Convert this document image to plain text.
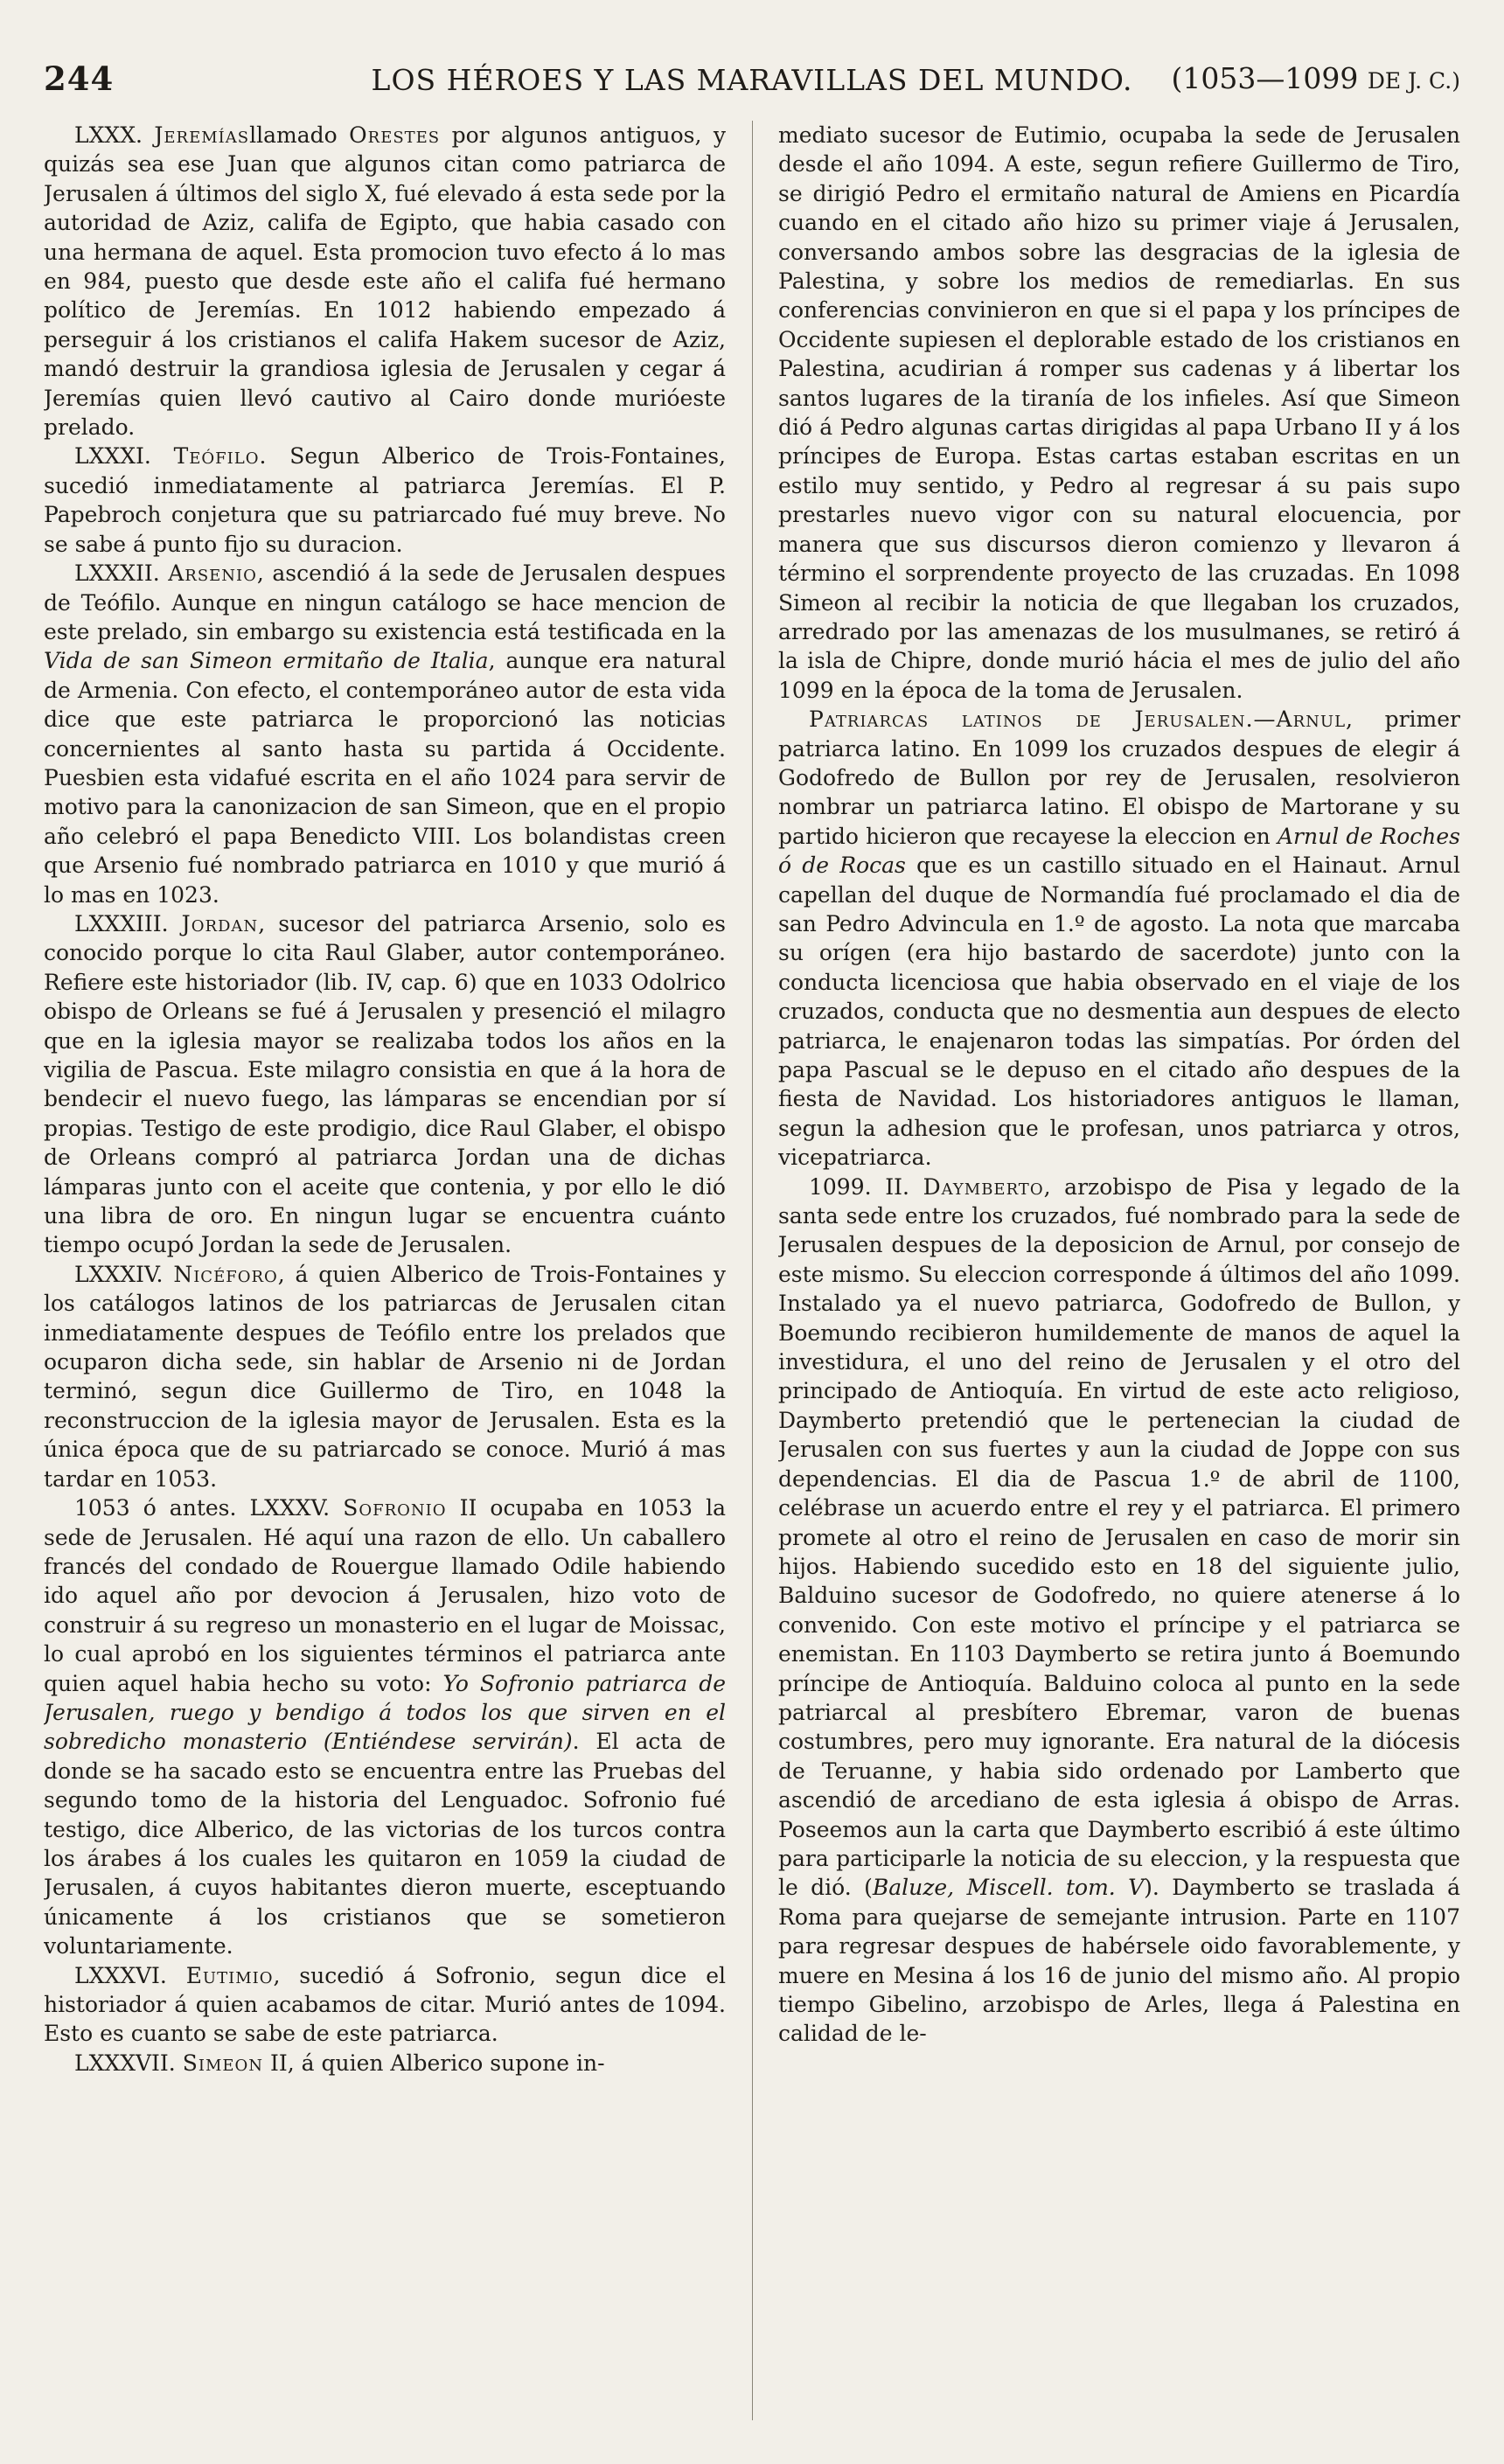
244	LOS HÉROES Y LAS MARAVILLAS DEL MUNDO.	(1053—1099 DE J. C.)

LXXX. Jeremíasllamado Orestes por algunos antiguos, y quizás sea ese Juan que algunos citan como patriarca de Jerusalen á últimos del siglo X, fué elevado á esta sede por la autoridad de Aziz, califa de Egipto, que habia casado con una hermana de aquel. Esta promocion tuvo efecto á lo mas en 984, puesto que desde este año el califa fué hermano político de Jeremías. En 1012 habiendo empezado á perseguir á los cristianos el califa Hakem sucesor de Aziz, mandó destruir la grandiosa iglesia de Jerusalen y cegar á Jeremías quien llevó cautivo al Cairo donde murióeste prelado.

LXXXI. Teófilo. Segun Alberico de Trois-Fontaines, sucedió inmediatamente al patriarca Jeremías. El P. Papebroch conjetura que su patriarcado fué muy breve. No se sabe á punto fijo su duracion.

LXXXII. Arsenio, ascendió á la sede de Jerusalen despues de Teófilo. Aunque en ningun catálogo se hace mencion de este prelado, sin embargo su existencia está testificada en la Vida de san Simeon ermitaño de Italia, aunque era natural de Armenia. Con efecto, el contemporáneo autor de esta vida dice que este patriarca le proporcionó las noticias concernientes al santo hasta su partida á Occidente. Puesbien esta vidafué escrita en el año 1024 para servir de motivo para la canonizacion de san Simeon, que en el propio año celebró el papa Benedicto VIII. Los bolandistas creen que Arsenio fué nombrado patriarca en 1010 y que murió á lo mas en 1023.

LXXXIII. Jordan, sucesor del patriarca Arsenio, solo es conocido porque lo cita Raul Glaber, autor contemporáneo. Refiere este historiador (lib. IV, cap. 6) que en 1033 Odolrico obispo de Orleans se fué á Jerusalen y presenció el milagro que en la iglesia mayor se realizaba todos los años en la vigilia de Pascua. Este milagro consistia en que á la hora de bendecir el nuevo fuego, las lámparas se encendian por sí propias. Testigo de este prodigio, dice Raul Glaber, el obispo de Orleans compró al patriarca Jordan una de dichas lámparas junto con el aceite que contenia, y por ello le dió una libra de oro. En ningun lugar se encuentra cuánto tiempo ocupó Jordan la sede de Jerusalen.

LXXXIV. Nicéforo, á quien Alberico de Trois-Fontaines y los catálogos latinos de los patriarcas de Jerusalen citan inmediatamente despues de Teófilo entre los prelados que ocuparon dicha sede, sin hablar de Arsenio ni de Jordan terminó, segun dice Guillermo de Tiro, en 1048 la reconstruccion de la iglesia mayor de Jerusalen. Esta es la única época que de su patriarcado se conoce. Murió á mas tardar en 1053.

1053 ó antes. LXXXV. Sofronio II ocupaba en 1053 la sede de Jerusalen. Hé aquí una razon de ello. Un caballero francés del condado de Rouergue llamado Odile habiendo ido aquel año por devocion á Jerusalen, hizo voto de construir á su regreso un monasterio en el lugar de Moissac, lo cual aprobó en los siguientes términos el patriarca ante quien aquel habia hecho su voto: Yo Sofronio patriarca de Jerusalen, ruego y bendigo á todos los que sirven en el sobredicho monasterio (Entiéndese servirán). El acta de donde se ha sacado esto se encuentra entre las Pruebas del segundo tomo de la historia del Lenguadoc. Sofronio fué testigo, dice Alberico, de las victorias de los turcos contra los árabes á los cuales les quitaron en 1059 la ciudad de Jerusalen, á cuyos habitantes dieron muerte, esceptuando únicamente á los cristianos que se sometieron voluntariamente.

LXXXVI. Eutimio, sucedió á Sofronio, segun dice el historiador á quien acabamos de citar. Murió antes de 1094. Esto es cuanto se sabe de este patriarca.

LXXXVII. Simeon II, á quien Alberico supone in-

mediato sucesor de Eutimio, ocupaba la sede de Jerusalen desde el año 1094. A este, segun refiere Guillermo de Tiro, se dirigió Pedro el ermitaño natural de Amiens en Picardía cuando en el citado año hizo su primer viaje á Jerusalen, conversando ambos sobre las desgracias de la iglesia de Palestina, y sobre los medios de remediarlas. En sus conferencias convinieron en que si el papa y los príncipes de Occidente supiesen el deplorable estado de los cristianos en Palestina, acudirian á romper sus cadenas y á libertar los santos lugares de la tiranía de los infieles. Así que Simeon dió á Pedro algunas cartas dirigidas al papa Urbano II y á los príncipes de Europa. Estas cartas estaban escritas en un estilo muy sentido, y Pedro al regresar á su pais supo prestarles nuevo vigor con su natural elocuencia, por manera que sus discursos dieron comienzo y llevaron á término el sorprendente proyecto de las cruzadas. En 1098 Simeon al recibir la noticia de que llegaban los cruzados, arredrado por las amenazas de los musulmanes, se retiró á la isla de Chipre, donde murió hácia el mes de julio del año 1099 en la época de la toma de Jerusalen.

Patriarcas latinos de Jerusalen.—Arnul, primer patriarca latino. En 1099 los cruzados despues de elegir á Godofredo de Bullon por rey de Jerusalen, resolvieron nombrar un patriarca latino. El obispo de Martorane y su partido hicieron que recayese la eleccion en Arnul de Roches ó de Rocas que es un castillo situado en el Hainaut. Arnul capellan del duque de Normandía fué proclamado el dia de san Pedro Advincula en 1.º de agosto. La nota que marcaba su orígen (era hijo bastardo de sacerdote) junto con la conducta licenciosa que habia observado en el viaje de los cruzados, conducta que no desmentia aun despues de electo patriarca, le enajenaron todas las simpatías. Por órden del papa Pascual se le depuso en el citado año despues de la fiesta de Navidad. Los historiadores antiguos le llaman, segun la adhesion que le profesan, unos patriarca y otros, vicepatriarca.

1099. II. Daymberto, arzobispo de Pisa y legado de la santa sede entre los cruzados, fué nombrado para la sede de Jerusalen despues de la deposicion de Arnul, por consejo de este mismo. Su eleccion corresponde á últimos del año 1099. Instalado ya el nuevo patriarca, Godofredo de Bullon, y Boemundo recibieron humildemente de manos de aquel la investidura, el uno del reino de Jerusalen y el otro del principado de Antioquía. En virtud de este acto religioso, Daymberto pretendió que le pertenecian la ciudad de Jerusalen con sus fuertes y aun la ciudad de Joppe con sus dependencias. El dia de Pascua 1.º de abril de 1100, celébrase un acuerdo entre el rey y el patriarca. El primero promete al otro el reino de Jerusalen en caso de morir sin hijos. Habiendo sucedido esto en 18 del siguiente julio, Balduino sucesor de Godofredo, no quiere atenerse á lo convenido. Con este motivo el príncipe y el patriarca se enemistan. En 1103 Daymberto se retira junto á Boemundo príncipe de Antioquía. Balduino coloca al punto en la sede patriarcal al presbítero Ebremar, varon de buenas costumbres, pero muy ignorante. Era natural de la diócesis de Teruanne, y habia sido ordenado por Lamberto que ascendió de arcediano de esta iglesia á obispo de Arras. Poseemos aun la carta que Daymberto escribió á este último para participarle la noticia de su eleccion, y la respuesta que le dió. (Baluze, Miscell. tom. V). Daymberto se traslada á Roma para quejarse de semejante intrusion. Parte en 1107 para regresar despues de habérsele oido favorablemente, y muere en Mesina á los 16 de junio del mismo año. Al propio tiempo Gibelino, arzobispo de Arles, llega á Palestina en calidad de le-
